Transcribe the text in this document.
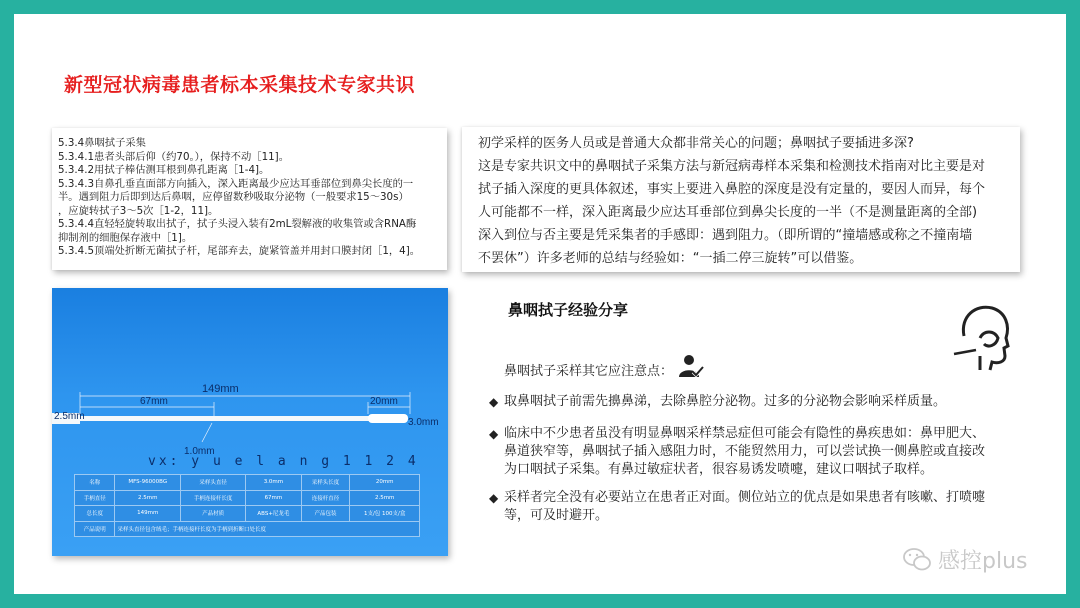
新型冠状病毒患者标本采集技术专家共识
5.3.4鼻咽拭子采集
5.3.4.1患者头部后仰（约70。），保持不动［11]。
5.3.4.2用拭子棒估测耳根到鼻孔距离［1-4]。
5.3.4.3自鼻孔垂直面部方向插入，深入距离最少应达耳垂部位到鼻尖长度的一
半。遇到阻力后即到达后鼻咽，应停留数秒吸取分泌物（一般要求15～30s）
，应旋转拭子3～5次［1-2，11]。
5.3.4.4直轻轻旋转取出拭子，拭子头浸入装有2mL裂解液的收集管或含RNA酶
抑制剂的细胞保存液中［1]。
5.3.4.5顶端处折断无菌拭子杆，尾部弃去，旋紧管盖并用封口膜封闭［1，4]。
初学采样的医务人员或是普通大众都非常关心的问题；鼻咽拭子要插进多深?
这是专家共识文中的鼻咽拭子采集方法与新冠病毒样本采集和检测技术指南对比主要是对
拭子插入深度的更具体叙述，事实上要进入鼻腔的深度是没有定量的，要因人而异，每个
人可能都不一样，深入距离最少应达耳垂部位到鼻尖长度的一半（不是测量距离的全部)
深入到位与否主要是凭采集者的手感即：遇到阻力。（即所谓的“撞墙感或称之不撞南墙
不罢休”）许多老师的总结与经验如：“一插二停三旋转”可以借鉴。
149mm
67mm	20mm
2.5mm
3.0mm
1.0mm
vx: y u e l a n g 1 1 2 4
名称	MFS-96000BG	采样头直径	3.0mm	采样头长度	20mm
手柄直径	2.5mm	手柄连接杆长度	67mm	连接杆直径	2.5mm
总长度	149mm	产品材质	ABS+尼龙毛	产品包装	1支/包 100支/盒
产品说明	采样头直径包含绒毛；手柄连接杆长度为手柄到折断口处长度				
鼻咽拭子经验分享
鼻咽拭子采样其它应注意点：
◆ 取鼻咽拭子前需先擤鼻涕，去除鼻腔分泌物。过多的分泌物会影响采样质量。
◆ 临床中不少患者虽没有明显鼻咽采样禁忌症但可能会有隐性的鼻疾患如：鼻甲肥大、
鼻道狭窄等，鼻咽拭子插入感阻力时，不能贸然用力，可以尝试换一侧鼻腔或直接改
为口咽拭子采集。有鼻过敏症状者，很容易诱发喷嚏，建议口咽拭子取样。
◆ 采样者完全没有必要站立在患者正对面。侧位站立的优点是如果患者有咳嗽、打喷嚏
等，可及时避开。
感控plus
